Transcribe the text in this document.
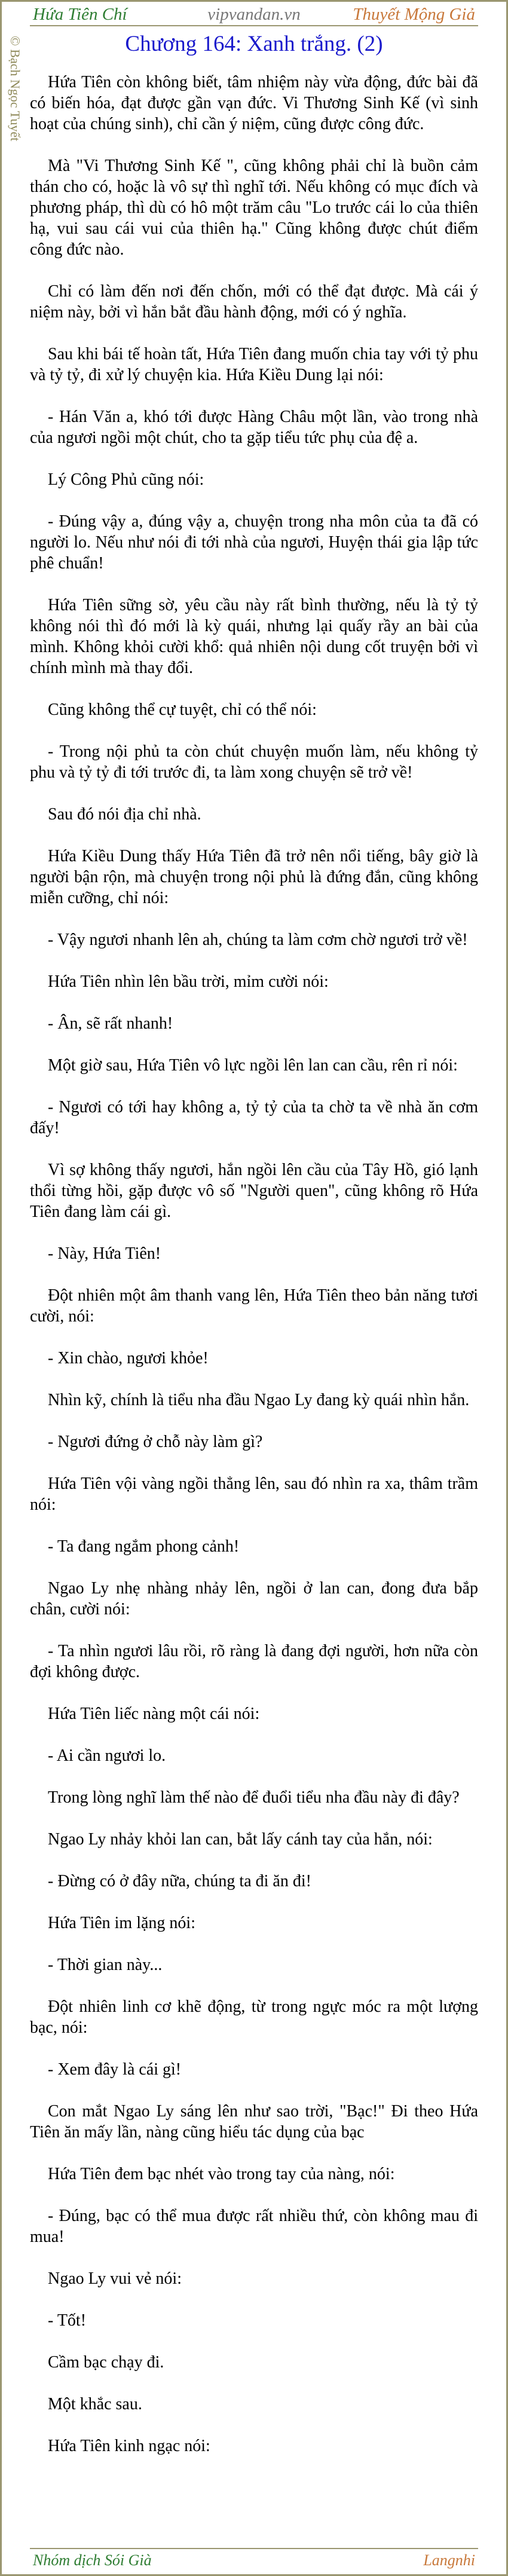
Hứa Tiên Chí	vipvandan.vn	Thuyết Mộng Giả
© Bạch Ngọc Tuyết	Chương 164: Xanh trắng. (2)

Hứa Tiên còn không biết, tâm nhiệm này vừa động, đức bài đã có biến hóa, đạt được gần vạn đức. Vi Thương Sinh Kế (vì sinh hoạt của chúng sinh), chỉ cần ý niệm, cũng được công đức.

Mà "Vi Thương Sinh Kế ", cũng không phải chỉ là buồn cảm thán cho có, hoặc là vô sự thì nghĩ tới. Nếu không có mục đích và phương pháp, thì dù có hô một trăm câu "Lo trước cái lo của thiên hạ, vui sau cái vui của thiên hạ." Cũng không được chút điểm công đức nào.

Chỉ có làm đến nơi đến chốn, mới có thể đạt được. Mà cái ý niệm này, bởi vì hắn bắt đầu hành động, mới có ý nghĩa.

Sau khi bái tế hoàn tất, Hứa Tiên đang muốn chia tay với tỷ phu và tỷ tỷ, đi xử lý chuyện kia. Hứa Kiều Dung lại nói:

- Hán Văn a, khó tới được Hàng Châu một lần, vào trong nhà của ngươi ngồi một chút, cho ta gặp tiểu tức phụ của đệ a.

Lý Công Phủ cũng nói:

- Đúng vậy a, đúng vậy a, chuyện trong nha môn của ta đã có người lo. Nếu như nói đi tới nhà của ngươi, Huyện thái gia lập tức phê chuẩn!

Hứa Tiên sững sờ, yêu cầu này rất bình thường, nếu là tỷ tỷ không nói thì đó mới là kỳ quái, nhưng lại quấy rầy an bài của mình. Không khỏi cười khổ: quả nhiên nội dung cốt truyện bởi vì chính mình mà thay đổi.

Cũng không thể cự tuyệt, chỉ có thể nói:

- Trong nội phủ ta còn chút chuyện muốn làm, nếu không tỷ phu và tỷ tỷ đi tới trước đi, ta làm xong chuyện sẽ trở về!

Sau đó nói địa chỉ nhà.

Hứa Kiều Dung thấy Hứa Tiên đã trở nên nổi tiếng, bây giờ là người bận rộn, mà chuyện trong nội phủ là đứng đắn, cũng không miễn cưỡng, chỉ nói:

- Vậy ngươi nhanh lên ah, chúng ta làm cơm chờ ngươi trở về!

Hứa Tiên nhìn lên bầu trời, mỉm cười nói:

- Ân, sẽ rất nhanh!

Một giờ sau, Hứa Tiên vô lực ngồi lên lan can cầu, rên rỉ nói:

- Ngươi có tới hay không a, tỷ tỷ của ta chờ ta về nhà ăn cơm đấy!

Vì sợ không thấy ngươi, hắn ngồi lên cầu của Tây Hồ, gió lạnh thổi từng hồi, gặp được vô số "Người quen", cũng không rõ Hứa Tiên đang làm cái gì.

- Này, Hứa Tiên!

Đột nhiên một âm thanh vang lên, Hứa Tiên theo bản năng tươi cười, nói:

- Xin chào, ngươi khỏe!

Nhìn kỹ, chính là tiểu nha đầu Ngao Ly đang kỳ quái nhìn hắn.

- Ngươi đứng ở chỗ này làm gì?

Hứa Tiên vội vàng ngồi thẳng lên, sau đó nhìn ra xa, thâm trầm nói:

- Ta đang ngắm phong cảnh!

Ngao Ly nhẹ nhàng nhảy lên, ngồi ở lan can, đong đưa bắp chân, cười nói:

- Ta nhìn ngươi lâu rồi, rõ ràng là đang đợi người, hơn nữa còn đợi không được.

Hứa Tiên liếc nàng một cái nói:

- Ai cần ngươi lo.

Trong lòng nghĩ làm thế nào để đuổi tiểu nha đầu này đi đây?

Ngao Ly nhảy khỏi lan can, bắt lấy cánh tay của hắn, nói:

- Đừng có ở đây nữa, chúng ta đi ăn đi!

Hứa Tiên im lặng nói:

- Thời gian này...

Đột nhiên linh cơ khẽ động, từ trong ngực móc ra một lượng bạc, nói:

- Xem đây là cái gì!

Con mắt Ngao Ly sáng lên như sao trời, "Bạc!" Đi theo Hứa Tiên ăn mấy lần, nàng cũng hiểu tác dụng của bạc

Hứa Tiên đem bạc nhét vào trong tay của nàng, nói:

- Đúng, bạc có thể mua được rất nhiều thứ, còn không mau đi mua!

Ngao Ly vui vẻ nói:

- Tốt!

Cầm bạc chạy đi.

Một khắc sau.

Hứa Tiên kinh ngạc nói:

Nhóm dịch Sói Già	Langnhi
